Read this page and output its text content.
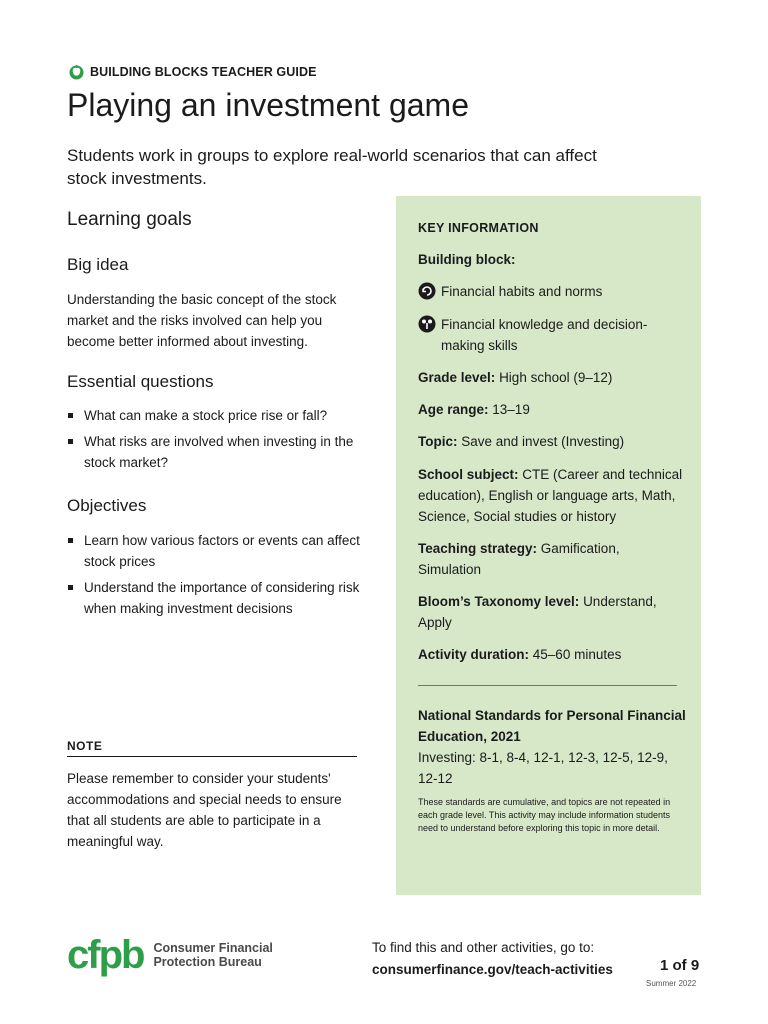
BUILDING BLOCKS TEACHER GUIDE
Playing an investment game

Students work in groups to explore real-world scenarios that can affect stock investments.

Learning goals
Big idea

Understanding the basic concept of the stock market and the risks involved can help you become better informed about investing.

Essential questions
What can make a stock price rise or fall?
What risks are involved when investing in the stock market?
Objectives
Learn how various factors or events can affect stock prices
Understand the importance of considering risk when making investment decisions
NOTE

Please remember to consider your students' accommodations and special needs to ensure that all students are able to participate in a meaningful way.

KEY INFORMATION
Building block:
Financial habits and norms
Financial knowledge and decision-making skills
Grade level: High school (9–12)
Age range: 13–19
Topic: Save and invest (Investing)
School subject: CTE (Career and technical education), English or language arts, Math, Science, Social studies or history
Teaching strategy: Gamification, Simulation
Bloom’s Taxonomy level: Understand, Apply
Activity duration: 45–60 minutes
National Standards for Personal Financial Education, 2021
Investing: 8-1, 8-4, 12-1, 12-3, 12-5, 12-9, 12-12
These standards are cumulative, and topics are not repeated in each grade level. This activity may include information students need to understand before exploring this topic in more detail.
cfpb Consumer Financial
Protection Bureau
To find this and other activities, go to:
consumerfinance.gov/teach-activities	1 of 9
Summer 2022
